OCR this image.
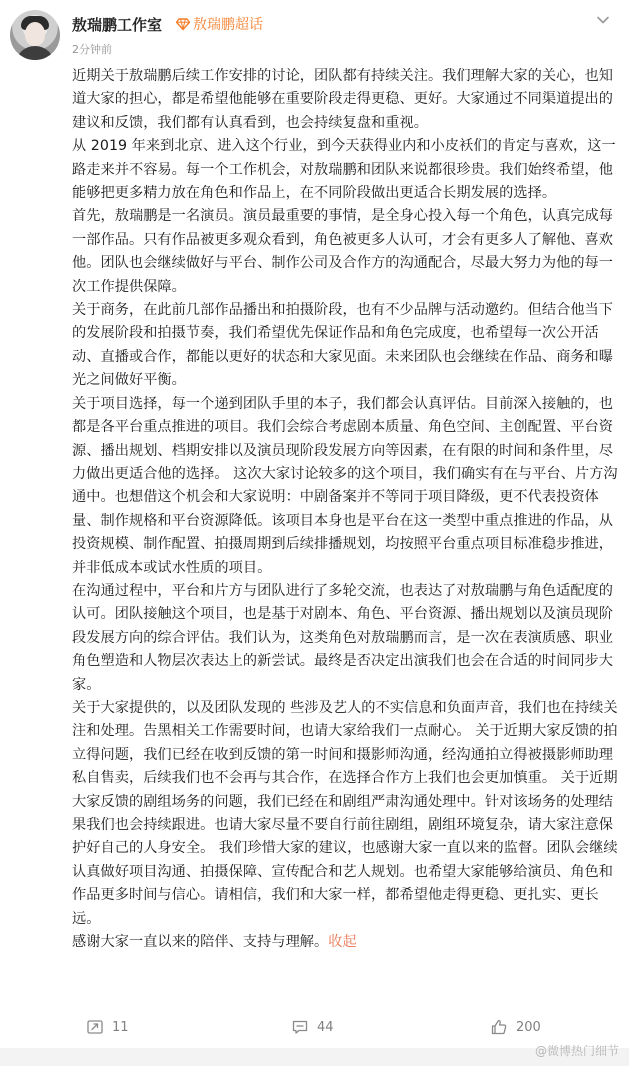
敖瑞鹏工作室 敖瑞鹏超话
2分钟前

近期关于敖瑞鹏后续工作安排的讨论，团队都有持续关注。我们理解大家的关心，也知道大家的担心，都是希望他能够在重要阶段走得更稳、更好。大家通过不同渠道提出的建议和反馈，我们都有认真看到，也会持续复盘和重视。

从 2019 年来到北京、进入这个行业，到今天获得业内和小皮袄们的肯定与喜欢，这一路走来并不容易。每一个工作机会，对敖瑞鹏和团队来说都很珍贵。我们始终希望，他能够把更多精力放在角色和作品上，在不同阶段做出更适合长期发展的选择。

首先，敖瑞鹏是一名演员。演员最重要的事情，是全身心投入每一个角色，认真完成每一部作品。只有作品被更多观众看到，角色被更多人认可，才会有更多人了解他、喜欢他。团队也会继续做好与平台、制作公司及合作方的沟通配合，尽最大努力为他的每一次工作提供保障。

关于商务，在此前几部作品播出和拍摄阶段，也有不少品牌与活动邀约。但结合他当下的发展阶段和拍摄节奏，我们希望优先保证作品和角色完成度，也希望每一次公开活动、直播或合作，都能以更好的状态和大家见面。未来团队也会继续在作品、商务和曝光之间做好平衡。

关于项目选择，每一个递到团队手里的本子，我们都会认真评估。目前深入接触的，也都是各平台重点推进的项目。我们会综合考虑剧本质量、角色空间、主创配置、平台资源、播出规划、档期安排以及演员现阶段发展方向等因素，在有限的时间和条件里，尽力做出更适合他的选择。 这次大家讨论较多的这个项目，我们确实有在与平台、片方沟通中。也想借这个机会和大家说明：中剧备案并不等同于项目降级，更不代表投资体量、制作规格和平台资源降低。该项目本身也是平台在这一类型中重点推进的作品，从投资规模、制作配置、拍摄周期到后续排播规划，均按照平台重点项目标准稳步推进，并非低成本或试水性质的项目。

在沟通过程中，平台和片方与团队进行了多轮交流，也表达了对敖瑞鹏与角色适配度的认可。团队接触这个项目，也是基于对剧本、角色、平台资源、播出规划以及演员现阶段发展方向的综合评估。我们认为，这类角色对敖瑞鹏而言，是一次在表演质感、职业角色塑造和人物层次表达上的新尝试。最终是否决定出演我们也会在合适的时间同步大家。

关于大家提供的，以及团队发现的 些涉及艺人的不实信息和负面声音，我们也在持续关注和处理。告黑相关工作需要时间，也请大家给我们一点耐心。 关于近期大家反馈的拍立得问题，我们已经在收到反馈的第一时间和摄影师沟通，经沟通拍立得被摄影师助理私自售卖，后续我们也不会再与其合作，在选择合作方上我们也会更加慎重。 关于近期大家反馈的剧组场务的问题，我们已经在和剧组严肃沟通处理中。针对该场务的处理结果我们也会持续跟进。也请大家尽量不要自行前往剧组，剧组环境复杂，请大家注意保护好自己的人身安全。 我们珍惜大家的建议，也感谢大家一直以来的监督。团队会继续认真做好项目沟通、拍摄保障、宣传配合和艺人规划。也希望大家能够给演员、角色和作品更多时间与信心。请相信，我们和大家一样，都希望他走得更稳、更扎实、更长远。

感谢大家一直以来的陪伴、支持与理解。收起

11	44	200
@微博热门细节
